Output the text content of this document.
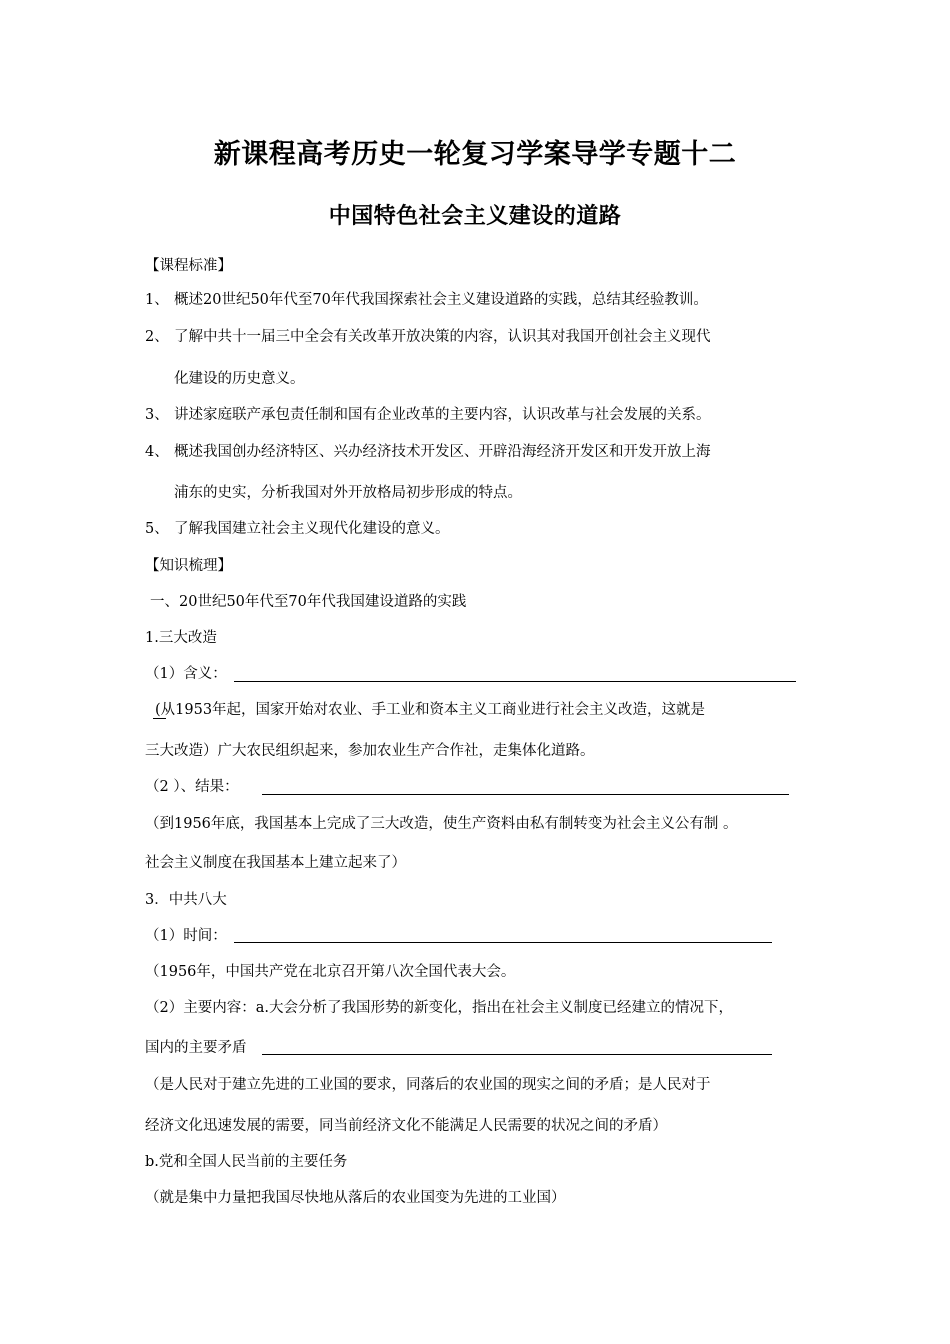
新课程高考历史一轮复习学案导学专题十二
中国特色社会主义建设的道路
【课程标准】
1、 概述20世纪50年代至70年代我国探索社会主义建设道路的实践，总结其经验教训。
2、 了解中共十一届三中全会有关改革开放决策的内容，认识其对我国开创社会主义现代
化建设的历史意义。
3、 讲述家庭联产承包责任制和国有企业改革的主要内容，认识改革与社会发展的关系。
4、 概述我国创办经济特区、兴办经济技术开发区、开辟沿海经济开发区和开发开放上海
浦东的史实，分析我国对外开放格局初步形成的特点。
5、 了解我国建立社会主义现代化建设的意义。
【知识梳理】
一、20世纪50年代至70年代我国建设道路的实践
1.三大改造
（1）含义：
(从1953年起，国家开始对农业、手工业和资本主义工商业进行社会主义改造，这就是
三大改造）广大农民组织起来，参加农业生产合作社，走集体化道路。
（2 ）、结果：
（到1956年底，我国基本上完成了三大改造，使生产资料由私有制转变为社会主义公有制 。
社会主义制度在我国基本上建立起来了）
3．中共八大
（1）时间：
（1956年，中国共产党在北京召开第八次全国代表大会。
（2）主要内容：a.大会分析了我国形势的新变化，指出在社会主义制度已经建立的情况下，
国内的主要矛盾
（是人民对于建立先进的工业国的要求，同落后的农业国的现实之间的矛盾；是人民对于
经济文化迅速发展的需要，同当前经济文化不能满足人民需要的状况之间的矛盾）
b.党和全国人民当前的主要任务
（就是集中力量把我国尽快地从落后的农业国变为先进的工业国）
